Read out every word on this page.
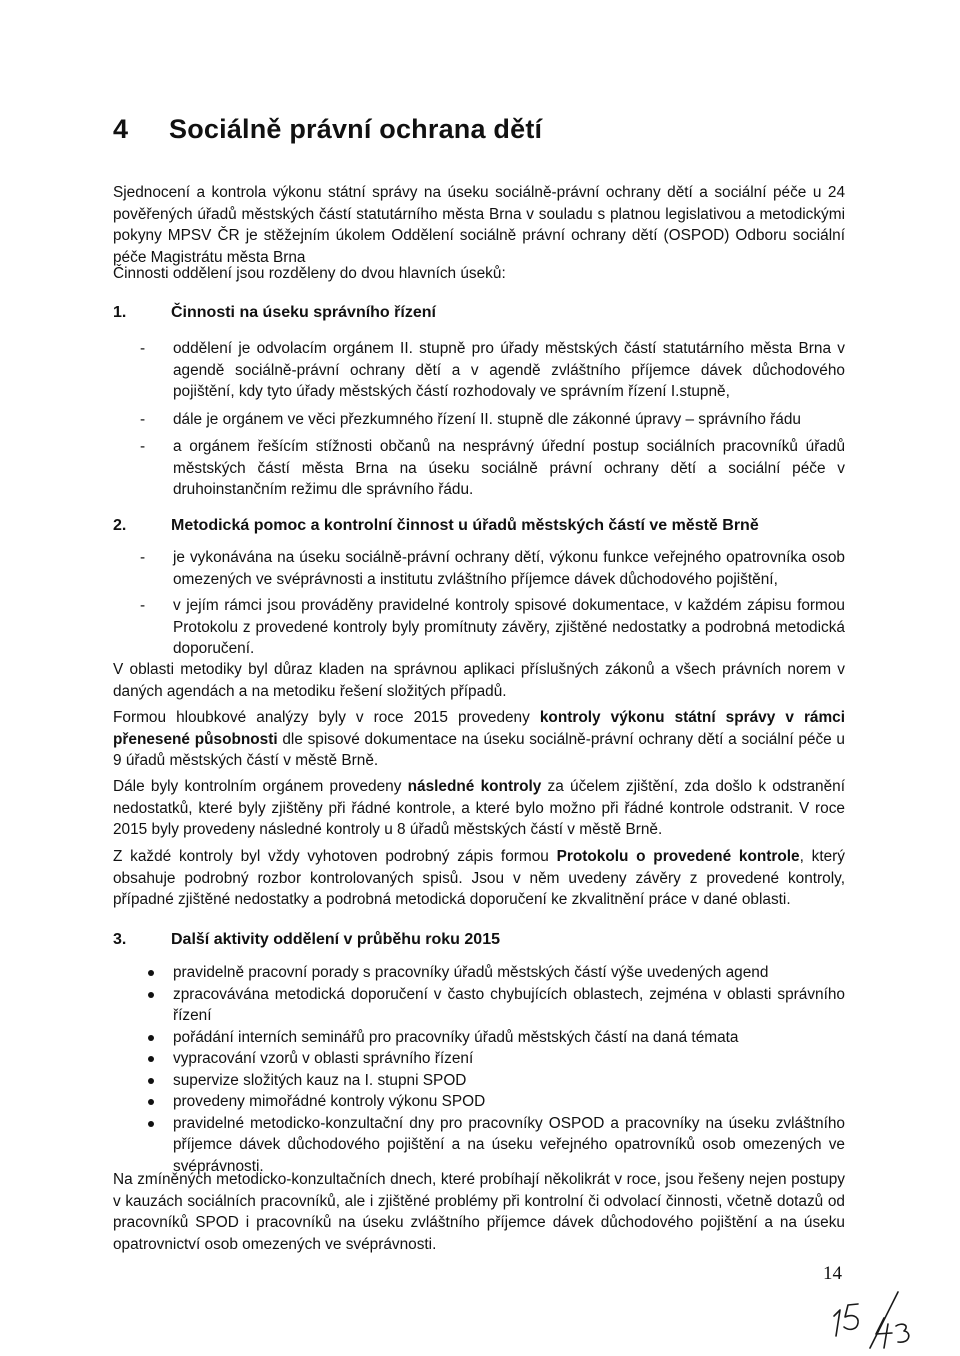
4 Sociálně právní ochrana dětí

Sjednocení a kontrola výkonu státní správy na úseku sociálně-právní ochrany dětí a sociální péče u 24 pověřených úřadů městských částí statutárního města Brna v souladu s platnou legislativou a metodickými pokyny MPSV ČR je stěžejním úkolem Oddělení sociálně právní ochrany dětí (OSPOD) Odboru sociální péče Magistrátu města Brna

Činnosti oddělení jsou rozděleny do dvou hlavních úseků:

1.	Činnosti na úseku správního řízení
- oddělení je odvolacím orgánem II. stupně pro úřady městských částí statutárního města Brna v agendě sociálně-právní ochrany dětí a v agendě zvláštního příjemce dávek důchodového pojištění, kdy tyto úřady městských částí rozhodovaly ve správním řízení I.stupně,
- dále je orgánem ve věci přezkumného řízení II. stupně dle zákonné úpravy – správního řádu
- a orgánem řešícím stížnosti občanů na nesprávný úřední postup sociálních pracovníků úřadů městských částí města Brna na úseku sociálně právní ochrany dětí a sociální péče v druhoinstančním režimu dle správního řádu.
2.	Metodická pomoc a kontrolní činnost u úřadů městských částí ve městě Brně
- je vykonávána na úseku sociálně-právní ochrany dětí, výkonu funkce veřejného opatrovníka osob omezených ve svéprávnosti a institutu zvláštního příjemce dávek důchodového pojištění,
- v jejím rámci jsou prováděny pravidelné kontroly spisové dokumentace, v každém zápisu formou Protokolu z provedené kontroly byly promítnuty závěry, zjištěné nedostatky a podrobná metodická doporučení.

V oblasti metodiky byl důraz kladen na správnou aplikaci příslušných zákonů a všech právních norem v daných agendách a na metodiku řešení složitých případů.

Formou hloubkové analýzy byly v roce 2015 provedeny kontroly výkonu státní správy v rámci přenesené působnosti dle spisové dokumentace na úseku sociálně-právní ochrany dětí a sociální péče u 9 úřadů městských částí v městě Brně.

Dále byly kontrolním orgánem provedeny následné kontroly za účelem zjištění, zda došlo k odstranění nedostatků, které byly zjištěny při řádné kontrole, a které bylo možno při řádné kontrole odstranit. V roce 2015 byly provedeny následné kontroly u 8 úřadů městských částí v městě Brně.

Z každé kontroly byl vždy vyhotoven podrobný zápis formou Protokolu o provedené kontrole, který obsahuje podrobný rozbor kontrolovaných spisů. Jsou v něm uvedeny závěry z provedené kontroly, případné zjištěné nedostatky a podrobná metodická doporučení ke zkvalitnění práce v dané oblasti.

3.	Další aktivity oddělení v průběhu roku 2015
pravidelně pracovní porady s pracovníky úřadů městských částí výše uvedených agend
zpracovávána metodická doporučení v často chybujících oblastech, zejména v oblasti správního řízení
pořádání interních seminářů pro pracovníky úřadů městských částí na daná témata
vypracování vzorů v oblasti správního řízení
supervize složitých kauz na I. stupni SPOD
provedeny mimořádné kontroly výkonu SPOD
pravidelné metodicko-konzultační dny pro pracovníky OSPOD a pracovníky na úseku zvláštního příjemce dávek důchodového pojištění a na úseku veřejného opatrovníků osob omezených ve svéprávnosti.

Na zmíněných metodicko-konzultačních dnech, které probíhají několikrát v roce, jsou řešeny nejen postupy v kauzách sociálních pracovníků, ale i zjištěné problémy při kontrolní či odvolací činnosti, včetně dotazů od pracovníků SPOD i pracovníků na úseku zvláštního příjemce dávek důchodového pojištění a na úseku opatrovnictví osob omezených ve svéprávnosti.

14
